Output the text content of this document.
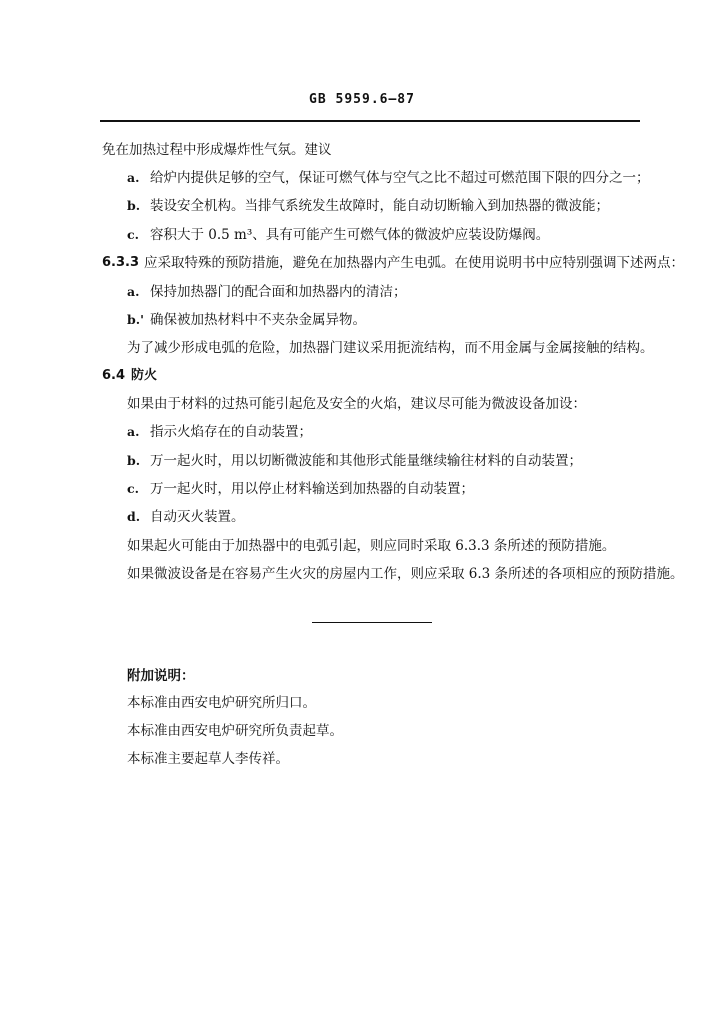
GB 5959.6—87
免在加热过程中形成爆炸性气氛。建议
a. 给炉内提供足够的空气，保证可燃气体与空气之比不超过可燃范围下限的四分之一；
b. 装设安全机构。当排气系统发生故障时，能自动切断输入到加热器的微波能；
c. 容积大于 0.5 m³、具有可能产生可燃气体的微波炉应装设防爆阀。
6.3.3 应采取特殊的预防措施，避免在加热器内产生电弧。在使用说明书中应特别强调下述两点：
a. 保持加热器门的配合面和加热器内的清洁；
b.' 确保被加热材料中不夹杂金属异物。
为了减少形成电弧的危险，加热器门建议采用扼流结构，而不用金属与金属接触的结构。
6.4 防火
如果由于材料的过热可能引起危及安全的火焰，建议尽可能为微波设备加设：
a. 指示火焰存在的自动装置；
b. 万一起火时，用以切断微波能和其他形式能量继续输往材料的自动装置；
c. 万一起火时，用以停止材料输送到加热器的自动装置；
d. 自动灭火装置。
如果起火可能由于加热器中的电弧引起，则应同时采取 6.3.3 条所述的预防措施。
如果微波设备是在容易产生火灾的房屋内工作，则应采取 6.3 条所述的各项相应的预防措施。
附加说明：
本标准由西安电炉研究所归口。
本标准由西安电炉研究所负责起草。
本标准主要起草人李传祥。
